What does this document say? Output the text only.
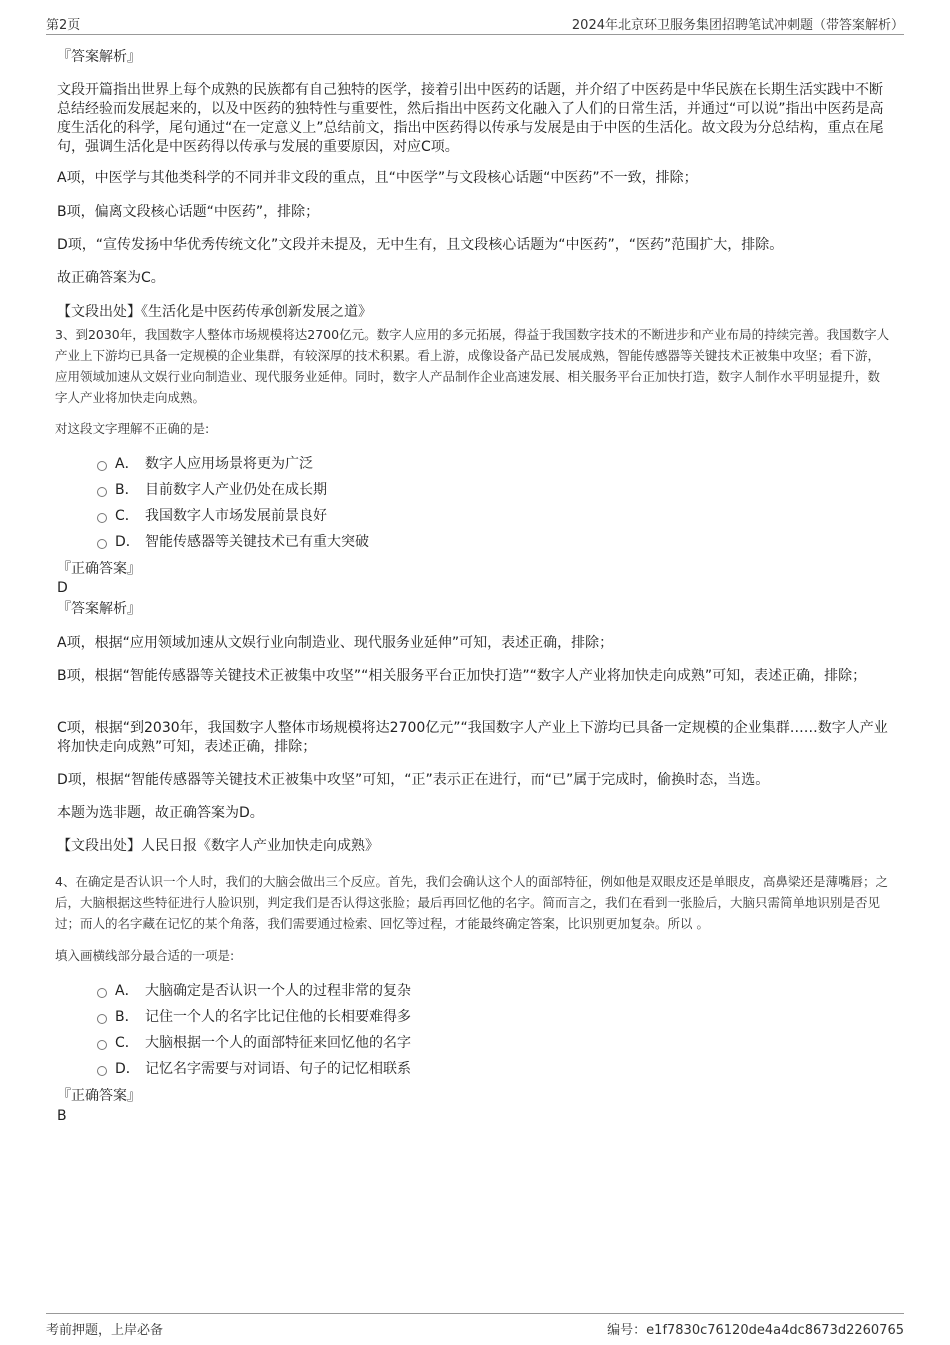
第2页	2024年北京环卫服务集团招聘笔试冲刺题（带答案解析）
『答案解析』
文段开篇指出世界上每个成熟的民族都有自己独特的医学，接着引出中医药的话题，并介绍了中医药是中华民族在长期生活实践中不断总结经验而发展起来的，以及中医药的独特性与重要性，然后指出中医药文化融入了人们的日常生活，并通过“可以说”指出中医药是高度生活化的科学，尾句通过“在一定意义上”总结前文，指出中医药得以传承与发展是由于中医的生活化。故文段为分总结构，重点在尾句，强调生活化是中医药得以传承与发展的重要原因，对应C项。
A项，中医学与其他类科学的不同并非文段的重点，且“中医学”与文段核心话题“中医药”不一致，排除；
B项，偏离文段核心话题“中医药”，排除；
D项，“宣传发扬中华优秀传统文化”文段并未提及，无中生有，且文段核心话题为“中医药”，“医药”范围扩大，排除。
故正确答案为C。
【文段出处】《生活化是中医药传承创新发展之道》
3、到2030年，我国数字人整体市场规模将达2700亿元。数字人应用的多元拓展，得益于我国数字技术的不断进步和产业布局的持续完善。我国数字人产业上下游均已具备一定规模的企业集群，有较深厚的技术积累。看上游，成像设备产品已发展成熟，智能传感器等关键技术正被集中攻坚；看下游，应用领域加速从文娱行业向制造业、现代服务业延伸。同时，数字人产品制作企业高速发展、相关服务平台正加快打造，数字人制作水平明显提升，数字人产业将加快走向成熟。
对这段文字理解不正确的是:
A． 数字人应用场景将更为广泛
B． 目前数字人产业仍处在成长期
C． 我国数字人市场发展前景良好
D． 智能传感器等关键技术已有重大突破
『正确答案』
D
『答案解析』
A项，根据“应用领域加速从文娱行业向制造业、现代服务业延伸”可知，表述正确，排除；
B项，根据“智能传感器等关键技术正被集中攻坚”“相关服务平台正加快打造”“数字人产业将加快走向成熟”可知，表述正确，排除；
C项，根据“到2030年，我国数字人整体市场规模将达2700亿元”“我国数字人产业上下游均已具备一定规模的企业集群……数字人产业将加快走向成熟”可知，表述正确，排除；
D项，根据“智能传感器等关键技术正被集中攻坚”可知，“正”表示正在进行，而“已”属于完成时，偷换时态，当选。
本题为选非题，故正确答案为D。
【文段出处】人民日报《数字人产业加快走向成熟》
4、在确定是否认识一个人时，我们的大脑会做出三个反应。首先，我们会确认这个人的面部特征，例如他是双眼皮还是单眼皮，高鼻梁还是薄嘴唇；之后，大脑根据这些特征进行人脸识别，判定我们是否认得这张脸；最后再回忆他的名字。简而言之，我们在看到一张脸后，大脑只需简单地识别是否见过；而人的名字藏在记忆的某个角落，我们需要通过检索、回忆等过程，才能最终确定答案，比识别更加复杂。所以 。
填入画横线部分最合适的一项是:
A． 大脑确定是否认识一个人的过程非常的复杂
B． 记住一个人的名字比记住他的长相要难得多
C． 大脑根据一个人的面部特征来回忆他的名字
D． 记忆名字需要与对词语、句子的记忆相联系
『正确答案』
B
考前押题，上岸必备	编号：e1f7830c76120de4a4dc8673d2260765
